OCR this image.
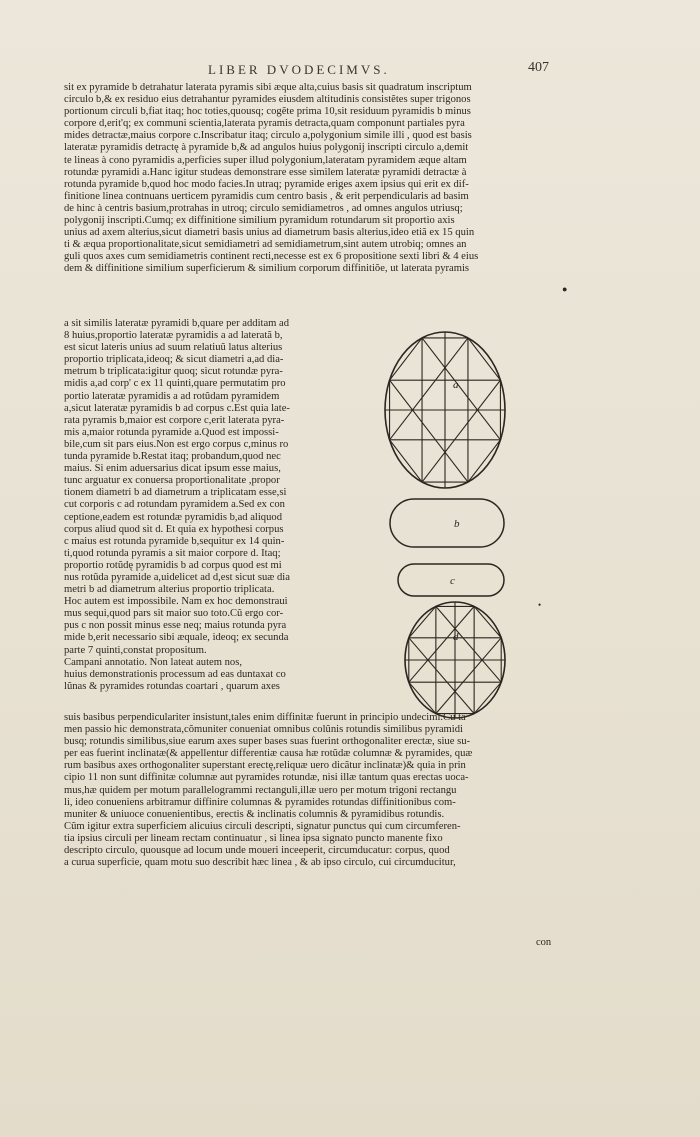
LIBER DVODECIMVS.	407
sit ex pyramide b detrahatur laterata pyramis sibi æque alta,cuius basis sit quadratum inscriptum
circulo b,& ex residuo eius detrahantur pyramides eiusdem altitudinis consistẽtes super trigonos
portionum circuli b,fiat itaq; hoc toties,quousq; cogẽte prima 10,sit residuum pyramidis b minus
corpore d,erit'q; ex communi scientia,laterata pyramis detracta,quam componunt partiales pyra
mides detractæ,maius corpore c.Inscribatur itaq; circulo a,polygonium simile illi , quod est basis
lateratæ pyramidis detractę à pyramide b,& ad angulos huius polygonij inscripti circulo a,demit
te lineas à cono pyramidis a,perficies super illud polygonium,lateratam pyramidem æque altam
rotundæ pyramidi a.Hanc igitur studeas demonstrare esse similem lateratæ pyramidi detractæ à
rotunda pyramide b,quod hoc modo facies.In utraq; pyramide eriges axem ipsius qui erit ex dif-
finitione linea contnuans uerticem pyramidis cum centro basis , & erit perpendicularis ad basim
de hinc à centris basium,protrahas in utroq; circulo semidiametros , ad omnes angulos utriusq;
polygonij inscripti.Cumq; ex diffinitione similium pyramidum rotundarum sit proportio axis
unius ad axem alterius,sicut diametri basis unius ad diametrum basis alterius,ideo etiã ex 15 quin
ti & æqua proportionalitate,sicut semidiametri ad semidiametrum,sint autem utrobiq; omnes an
guli quos axes cum semidiametris continent recti,necesse est ex 6 propositione sexti libri & 4 eius
dem & diffinitione similium superficierum & similium corporum diffinitiõe, ut laterata pyramis
a sit similis lateratæ pyramidi b,quare per additam ad
8 huius,proportio lateratæ pyramidis a ad lateratã b,
est sicut lateris unius ad suum relatiuũ latus alterius
proportio triplicata,ideoq; & sicut diametri a,ad dia-
metrum b triplicata:igitur quoq; sicut rotundæ pyra-
midis a,ad corp' c ex 11 quinti,quare permutatim pro
portio lateratæ pyramidis a ad rotũdam pyramidem
a,sicut lateratæ pyramidis b ad corpus c.Est quia late-
rata pyramis b,maior est corpore c,erit laterata pyra-
mis a,maior rotunda pyramide a.Quod est impossi-
bile,cum sit pars eius.Non est ergo corpus c,minus ro
tunda pyramide b.Restat itaq; probandum,quod nec
maius. Si enim aduersarius dicat ipsum esse maius,
tunc arguatur ex conuersa proportionalitate ,propor
tionem diametri b ad diametrum a triplicatam esse,si
cut corporis c ad rotundam pyramidem a.Sed ex con
ceptione,eadem est rotundæ pyramidis b,ad aliquod
corpus aliud quod sit d. Et quia ex hypothesi corpus
c maius est rotunda pyramide b,sequitur ex 14 quin-
ti,quod rotunda pyramis a sit maior corpore d. Itaq;
proportio rotũdę pyramidis b ad corpus quod est mi
nus rotũda pyramide a,uidelicet ad d,est sicut suæ dia
metri b ad diametrum alterius proportio triplicata.
Hoc autem est impossibile. Nam ex hoc demonstraui
mus sequi,quod pars sit maior suo toto.Cũ ergo cor-
pus c non possit minus esse neq; maius rotunda pyra
mide b,erit necessario sibi æquale, ideoq; ex secunda
parte 7 quinti,constat propositum.
Campani annotatio. Non lateat autem nos,
huius demonstrationis processum ad eas duntaxat co
lũnas & pyramides rotundas coartari , quarum axes
suis basibus perpendiculariter insistunt,tales enim diffinitæ fuerunt in principio undecimi.Cũ ta
men passio hic demonstrata,cõmuniter conueniat omnibus colũnis rotundis similibus pyramidi
busq; rotundis similibus,siue earum axes super bases suas fuerint orthogonaliter erectæ, siue su-
per eas fuerint inclinatæ(& appellentur differentiæ causa hæ rotũdæ columnæ & pyramides, quæ
rum basibus axes orthogonaliter superstant erectę,reliquæ uero dicãtur inclinatæ)& quia in prin
cipio 11 non sunt diffinitæ columnæ aut pyramides rotundæ, nisi illæ tantum quas erectas uoca-
mus,hæ quidem per motum parallelogrammi rectanguli,illæ uero per motum trigoni rectangu
li, ideo conueniens arbitramur diffinire columnas & pyramides rotundas diffinitionibus com-
muniter & uniuoce conuenientibus, erectis & inclinatis columnis & pyramidibus rotundis.
Cũm igitur extra superficiem alicuius circuli descripti, signatur punctus qui cum circumferen-
tia ipsius circuli per lineam rectam continuatur , si linea ipsa signato puncto manente fixo
descripto circulo, quousque ad locum unde moueri inceeperit, circumducatur: corpus, quod
a curua superficie, quam motu suo describit hæc linea , & ab ipso circulo, cui circumducitur,
●
•
a
b
c
d
con
